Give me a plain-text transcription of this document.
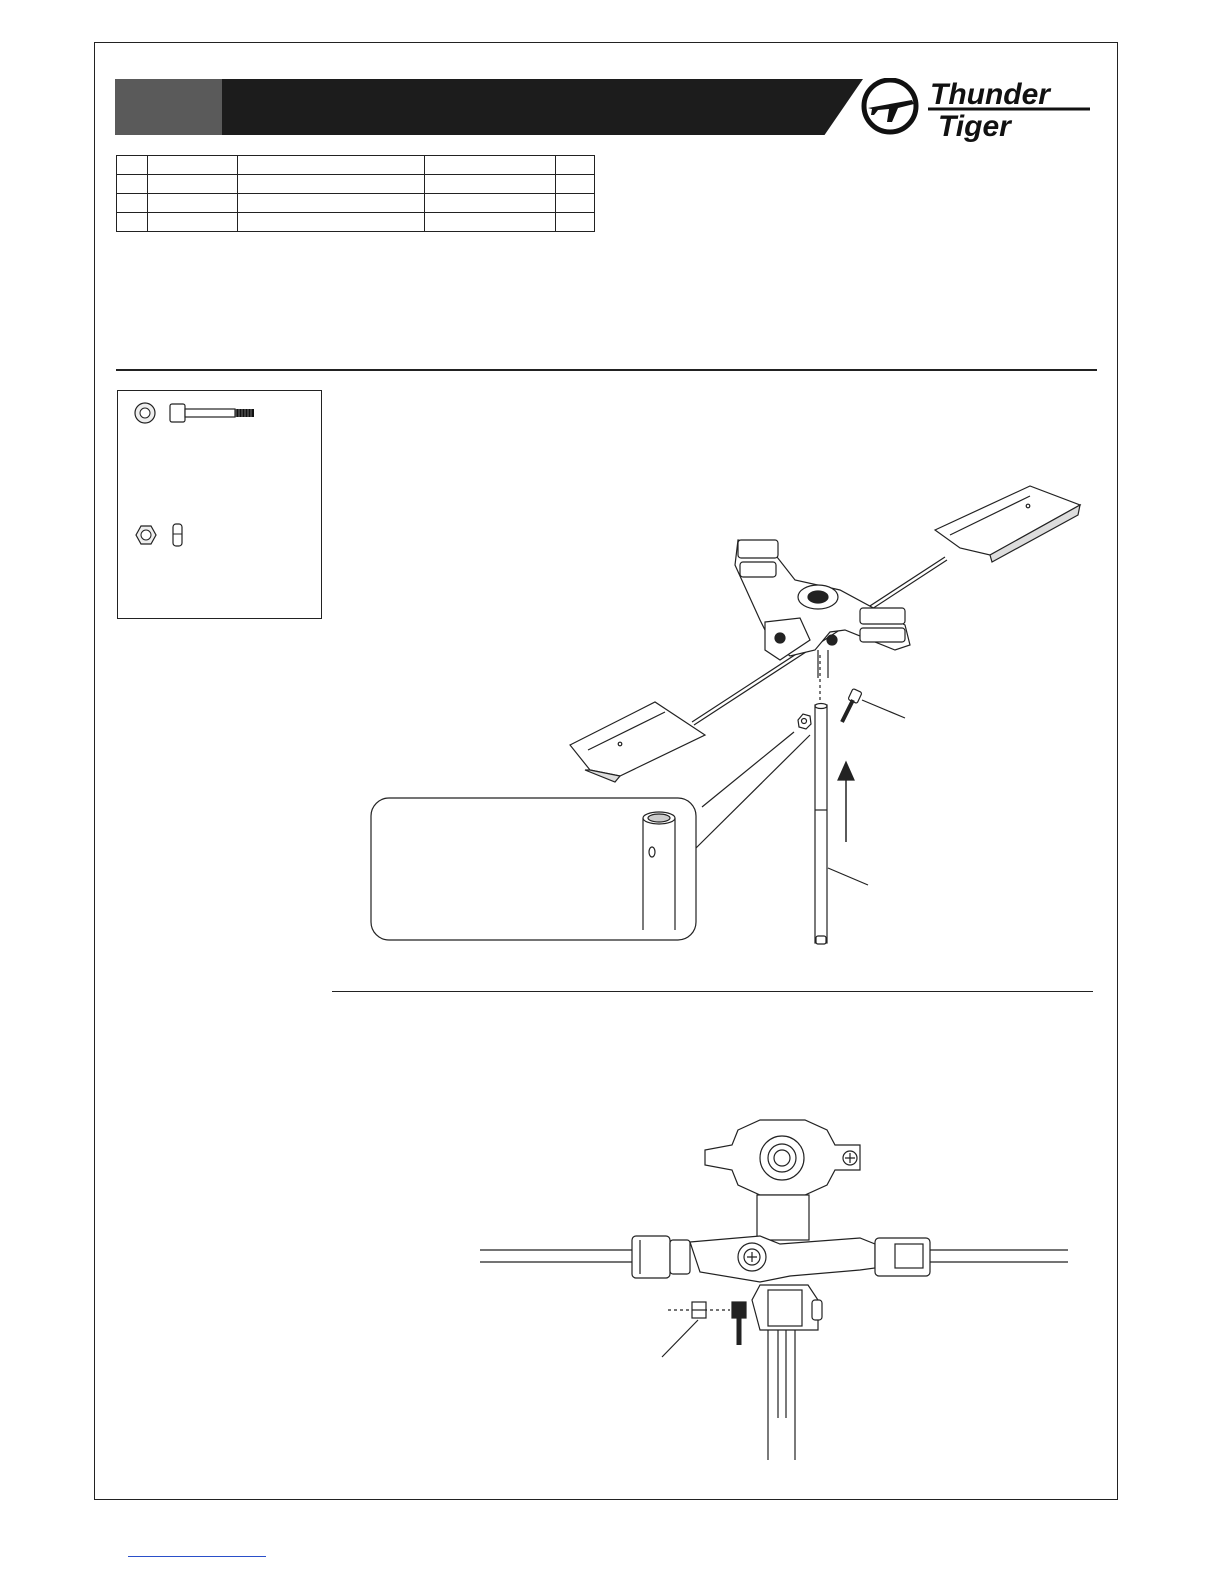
Thunder
Tiger
